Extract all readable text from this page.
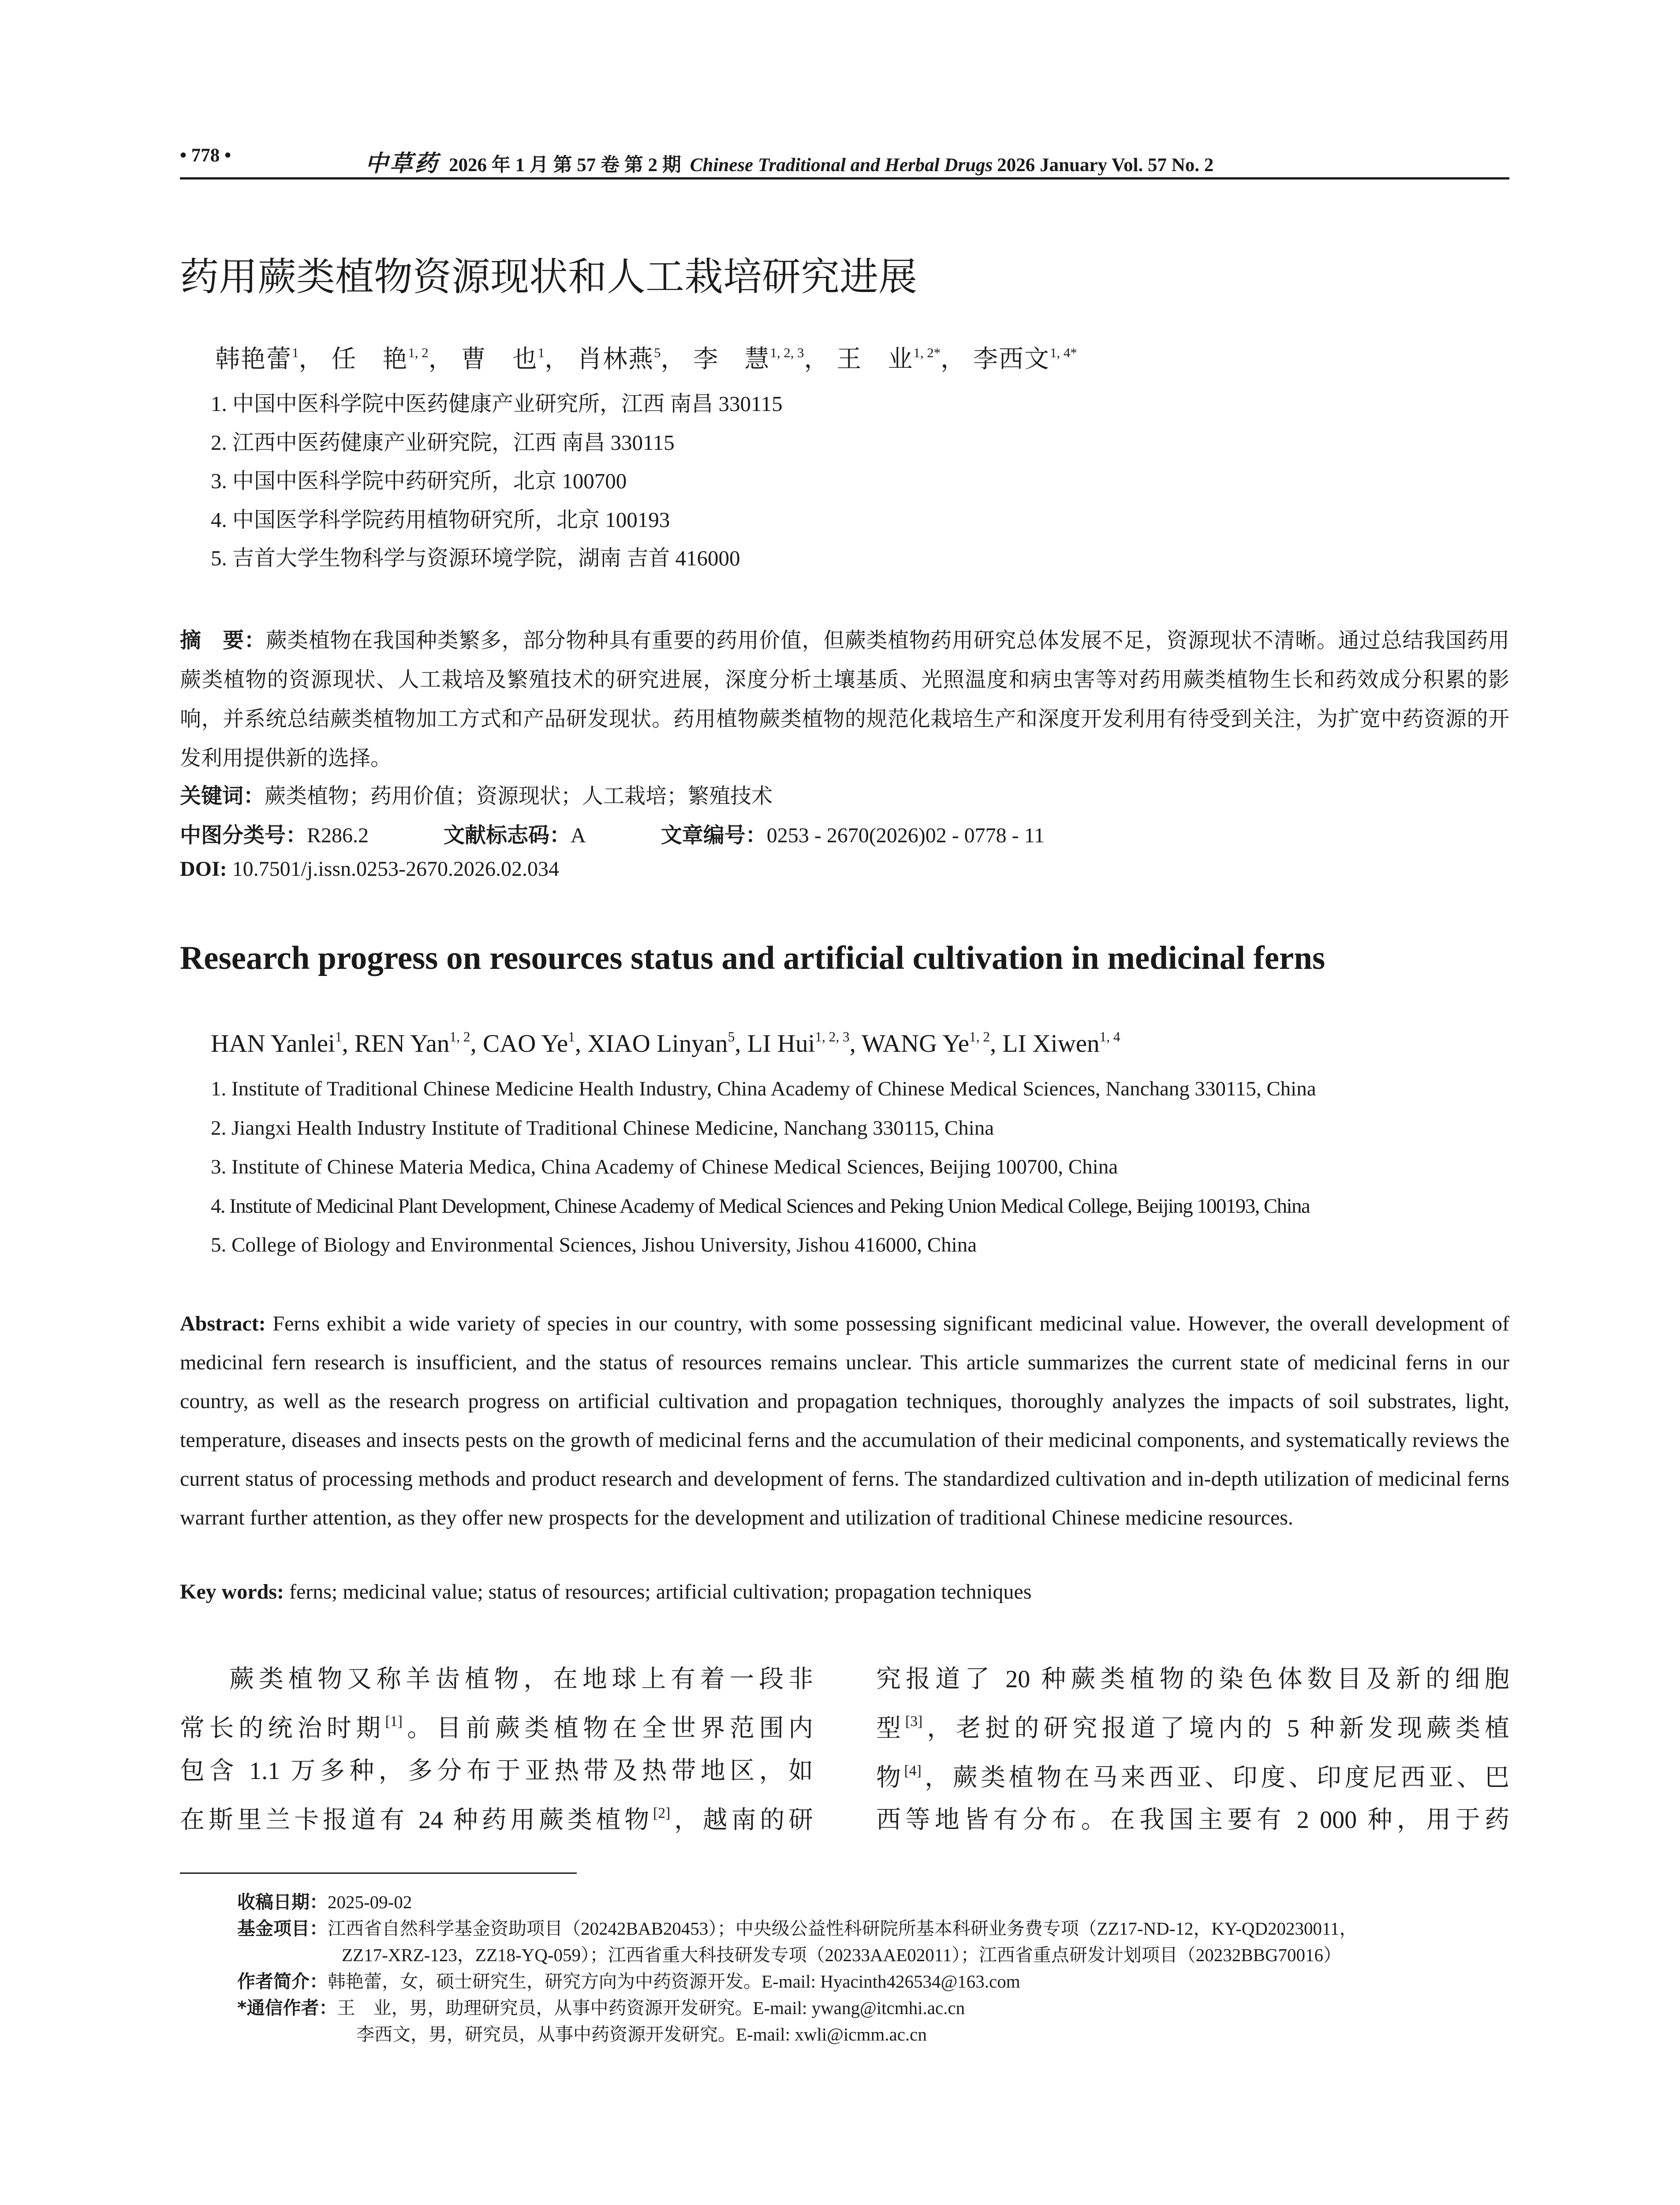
• 778 •	中草药 2026 年 1 月 第 57 卷 第 2 期 Chinese Traditional and Herbal Drugs 2026 January Vol. 57 No. 2
药用蕨类植物资源现状和人工栽培研究进展
韩艳蕾$^1$， 任　艳$^{1, 2}$， 曹　也$^1$， 肖林燕$^5$， 李　慧$^{1, 2, 3}$， 王　业$^{1, 2*}$， 李西文$^{1, 4*}$
1. 中国中医科学院中医药健康产业研究所，江西 南昌 330115
2. 江西中医药健康产业研究院，江西 南昌 330115
3. 中国中医科学院中药研究所，北京 100700
4. 中国医学科学院药用植物研究所，北京 100193
5. 吉首大学生物科学与资源环境学院，湖南 吉首 416000
摘　要：蕨类植物在我国种类繁多，部分物种具有重要的药用价值，但蕨类植物药用研究总体发展不足，资源现状不清晰。通过总结我国药用蕨类植物的资源现状、人工栽培及繁殖技术的研究进展，深度分析土壤基质、光照温度和病虫害等对药用蕨类植物生长和药效成分积累的影响，并系统总结蕨类植物加工方式和产品研发现状。药用植物蕨类植物的规范化栽培生产和深度开发利用有待受到关注，为扩宽中药资源的开发利用提供新的选择。
关键词：蕨类植物；药用价值；资源现状；人工栽培；繁殖技术
中图分类号：R286.2	文献标志码：A	文章编号：0253 - 2670(2026)02 - 0778 - 11
DOI: 10.7501/j.issn.0253-2670.2026.02.034
Research progress on resources status and artificial cultivation in medicinal ferns
HAN Yanlei$^1$, REN Yan$^{1, 2}$, CAO Ye$^1$, XIAO Linyan$^5$, LI Hui$^{1, 2, 3}$, WANG Ye$^{1, 2}$, LI Xiwen$^{1, 4}$
1. Institute of Traditional Chinese Medicine Health Industry, China Academy of Chinese Medical Sciences, Nanchang 330115, China
2. Jiangxi Health Industry Institute of Traditional Chinese Medicine, Nanchang 330115, China
3. Institute of Chinese Materia Medica, China Academy of Chinese Medical Sciences, Beijing 100700, China
4. Institute of Medicinal Plant Development, Chinese Academy of Medical Sciences and Peking Union Medical College, Beijing 100193, China
5. College of Biology and Environmental Sciences, Jishou University, Jishou 416000, China
Abstract: Ferns exhibit a wide variety of species in our country, with some possessing significant medicinal value. However, the overall development of medicinal fern research is insufficient, and the status of resources remains unclear. This article summarizes the current state of medicinal ferns in our country, as well as the research progress on artificial cultivation and propagation techniques, thoroughly analyzes the impacts of soil substrates, light, temperature, diseases and insects pests on the growth of medicinal ferns and the accumulation of their medicinal components, and systematically reviews the current status of processing methods and product research and development of ferns. The standardized cultivation and in-depth utilization of medicinal ferns warrant further attention, as they offer new prospects for the development and utilization of traditional Chinese medicine resources.
Key words: ferns; medicinal value; status of resources; artificial cultivation; propagation techniques
蕨类植物又称羊齿植物，在地球上有着一段非
常长的统治时期[1]。目前蕨类植物在全世界范围内
包含 1.1 万多种，多分布于亚热带及热带地区，如
在斯里兰卡报道有 24 种药用蕨类植物[2]，越南的研
究报道了 20 种蕨类植物的染色体数目及新的细胞
型[3]，老挝的研究报道了境内的 5 种新发现蕨类植
物[4]，蕨类植物在马来西亚、印度、印度尼西亚、巴
西等地皆有分布。在我国主要有 2 000 种，用于药
收稿日期：2025-09-02
基金项目：江西省自然科学基金资助项目（20242BAB20453）；中央级公益性科研院所基本科研业务费专项（ZZ17-ND-12，KY-QD20230011，
ZZ17-XRZ-123，ZZ18-YQ-059）；江西省重大科技研发专项（20233AAE02011）；江西省重点研发计划项目（20232BBG70016）
作者简介：韩艳蕾，女，硕士研究生，研究方向为中药资源开发。E-mail: Hyacinth426534@163.com
*通信作者：王　业，男，助理研究员，从事中药资源开发研究。E-mail: ywang@itcmhi.ac.cn
李西文，男，研究员，从事中药资源开发研究。E-mail: xwli@icmm.ac.cn
